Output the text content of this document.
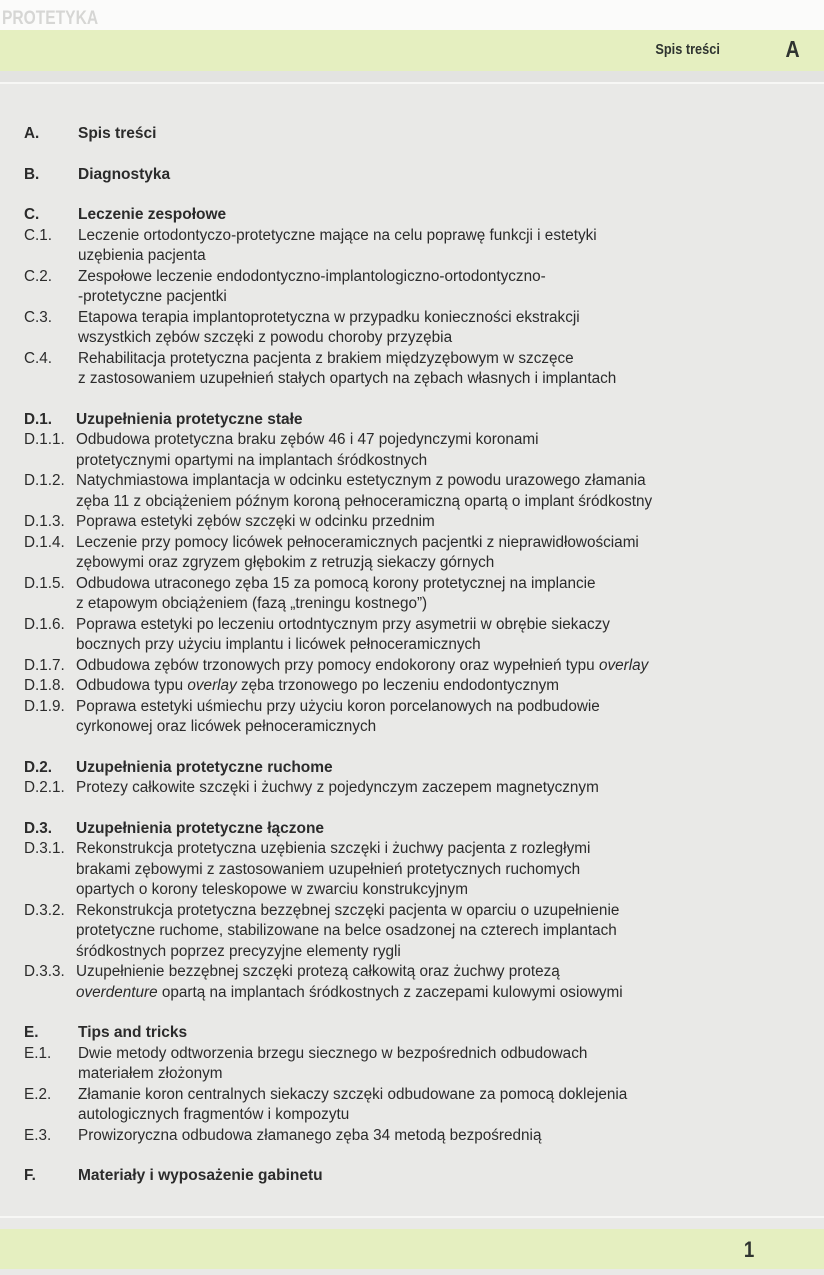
PROTETYKA
Spis treści	A
A.	Spis treści
B.	Diagnostyka
C.	Leczenie zespołowe
C.1.	Leczenie ortodontyczo-protetyczne mające na celu poprawę funkcji i estetyki
uzębienia pacjenta
C.2.	Zespołowe leczenie endodontyczno-implantologiczno-ortodontyczno-
-protetyczne pacjentki
C.3.	Etapowa terapia implantoprotetyczna w przypadku konieczności ekstrakcji
wszystkich zębów szczęki z powodu choroby przyzębia
C.4.	Rehabilitacja protetyczna pacjenta z brakiem międzyzębowym w szczęce
z zastosowaniem uzupełnień stałych opartych na zębach własnych i implantach
D.1.	Uzupełnienia protetyczne stałe
D.1.1. Odbudowa protetyczna braku zębów 46 i 47 pojedynczymi koronami
protetycznymi opartymi na implantach śródkostnych
D.1.2. Natychmiastowa implantacja w odcinku estetycznym z powodu urazowego złamania
zęba 11 z obciążeniem późnym koroną pełnoceramiczną opartą o implant śródkostny
D.1.3. Poprawa estetyki zębów szczęki w odcinku przednim
D.1.4. Leczenie przy pomocy licówek pełnoceramicznych pacjentki z nieprawidłowościami
zębowymi oraz zgryzem głębokim z retruzją siekaczy górnych
D.1.5. Odbudowa utraconego zęba 15 za pomocą korony protetycznej na implancie
z etapowym obciążeniem (fazą „treningu kostnego”)
D.1.6. Poprawa estetyki po leczeniu ortodntycznym przy asymetrii w obrębie siekaczy
bocznych przy użyciu implantu i licówek pełnoceramicznych
D.1.7. Odbudowa zębów trzonowych przy pomocy endokorony oraz wypełnień typu overlay
D.1.8. Odbudowa typu overlay zęba trzonowego po leczeniu endodontycznym
D.1.9. Poprawa estetyki uśmiechu przy użyciu koron porcelanowych na podbudowie
cyrkonowej oraz licówek pełnoceramicznych
D.2.	Uzupełnienia protetyczne ruchome
D.2.1. Protezy całkowite szczęki i żuchwy z pojedynczym zaczepem magnetycznym
D.3.	Uzupełnienia protetyczne łączone
D.3.1. Rekonstrukcja protetyczna uzębienia szczęki i żuchwy pacjenta z rozległymi
brakami zębowymi z zastosowaniem uzupełnień protetycznych ruchomych
opartych o korony teleskopowe w zwarciu konstrukcyjnym
D.3.2. Rekonstrukcja protetyczna bezzębnej szczęki pacjenta w oparciu o uzupełnienie
protetyczne ruchome, stabilizowane na belce osadzonej na czterech implantach
śródkostnych poprzez precyzyjne elementy rygli
D.3.3. Uzupełnienie bezzębnej szczęki protezą całkowitą oraz żuchwy protezą
overdenture opartą na implantach śródkostnych z zaczepami kulowymi osiowymi
E.	Tips and tricks
E.1.	Dwie metody odtworzenia brzegu siecznego w bezpośrednich odbudowach
materiałem złożonym
E.2.	Złamanie koron centralnych siekaczy szczęki odbudowane za pomocą doklejenia
autologicznych fragmentów i kompozytu
E.3.	Prowizoryczna odbudowa złamanego zęba 34 metodą bezpośrednią
F.	Materiały i wyposażenie gabinetu
1
